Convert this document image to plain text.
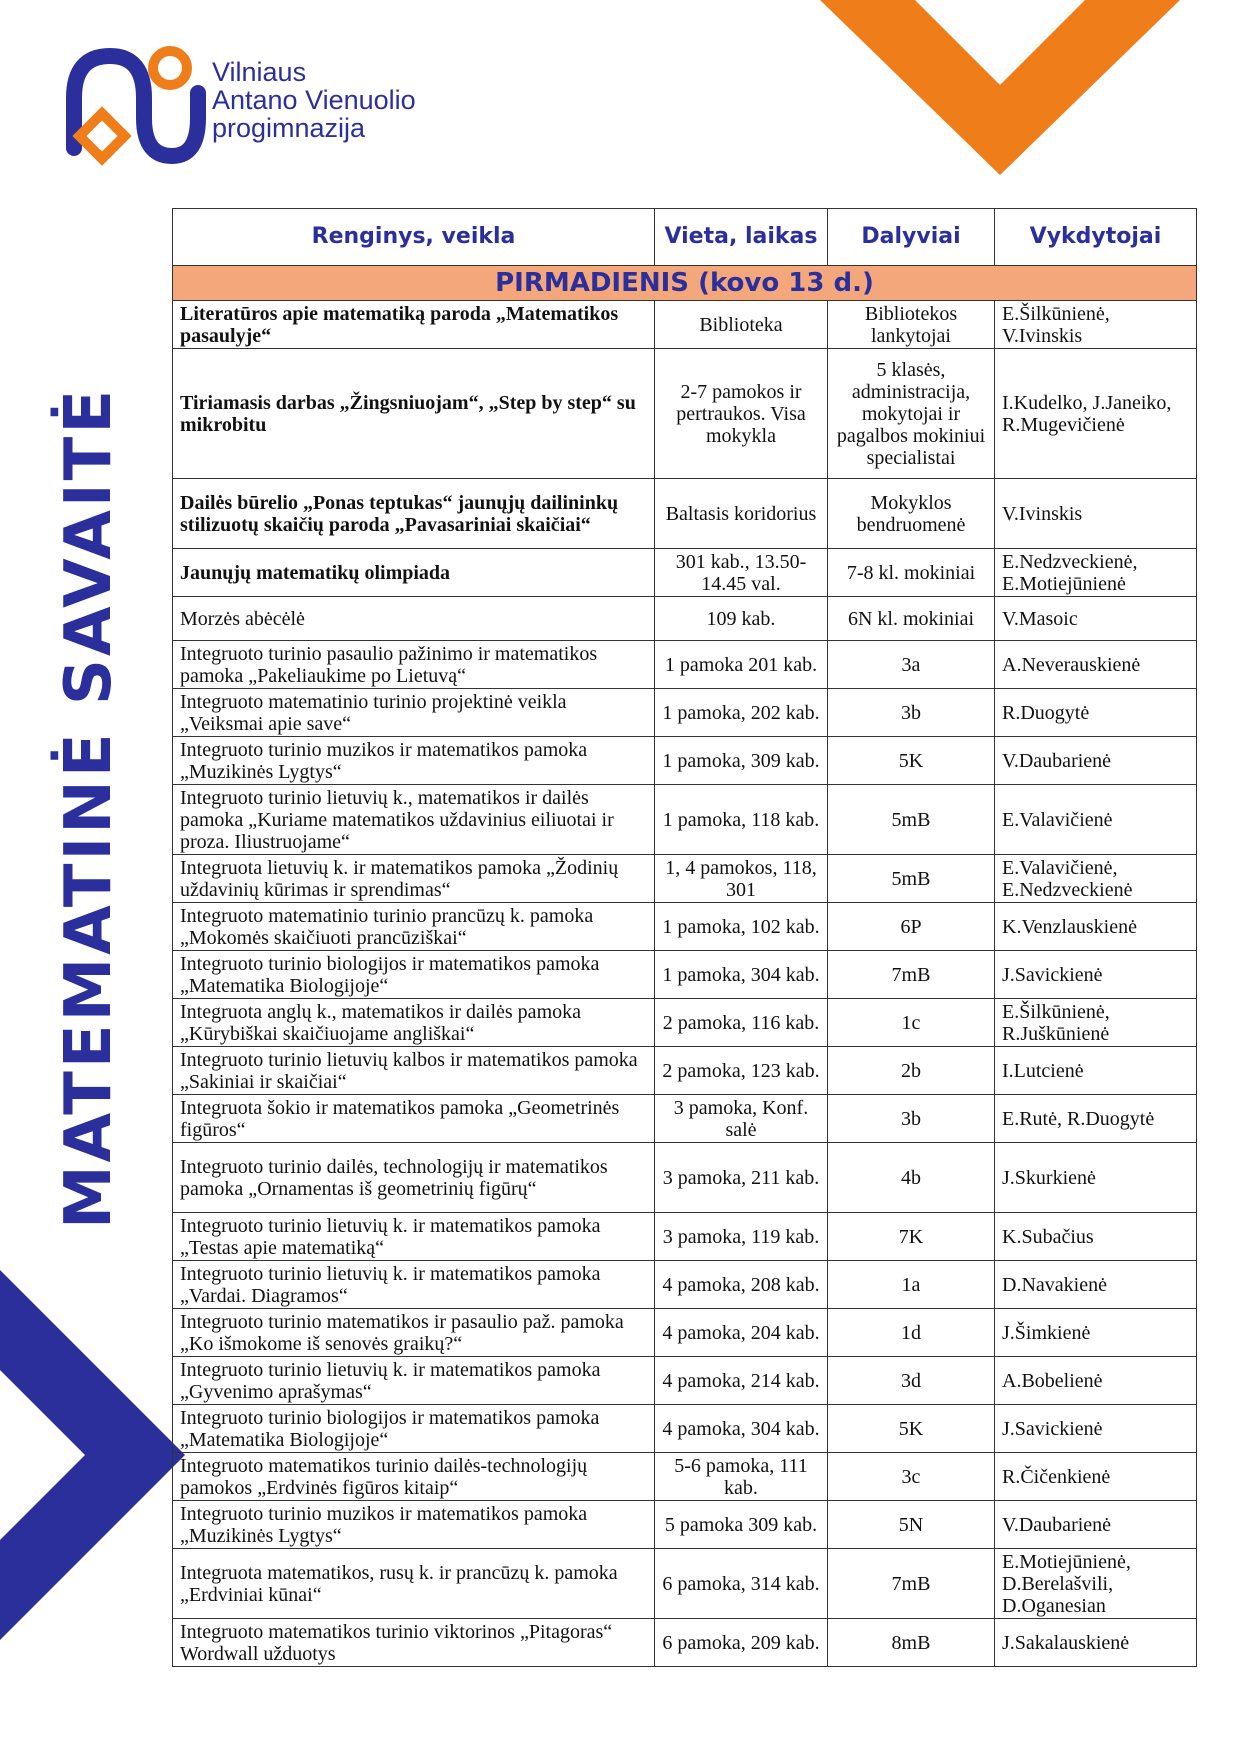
Vilniaus
Antano Vienuolio
progimnazija
MATEMATINĖ SAVAITĖ
Renginys, veikla	Vieta, laikas	Dalyviai	Vykdytojai
PIRMADIENIS (kovo 13 d.)			
Literatūros apie matematiką paroda „Matematikos pasaulyje“	Biblioteka	Bibliotekos lankytojai	E.Šilkūnienė, V.Ivinskis
Tiriamasis darbas „Žingsniuojam“, „Step by step“ su mikrobitu	2-7 pamokos ir pertraukos. Visa mokykla	5 klasės, administracija, mokytojai ir pagalbos mokiniui specialistai	I.Kudelko, J.Janeiko, R.Mugevičienė
Dailės būrelio „Ponas teptukas“ jaunųjų dailininkų stilizuotų skaičių paroda „Pavasariniai skaičiai“	Baltasis koridorius	Mokyklos bendruomenė	V.Ivinskis
Jaunųjų matematikų olimpiada	301 kab., 13.50-14.45 val.	7-8 kl. mokiniai	E.Nedzveckienė, E.Motiejūnienė
Morzės abėcėlė	109 kab.	6N kl. mokiniai	V.Masoic
Integruoto turinio pasaulio pažinimo ir matematikos pamoka „Pakeliaukime po Lietuvą“	1 pamoka 201 kab.	3a	A.Neverauskienė
Integruoto matematinio turinio projektinė veikla „Veiksmai apie save“	1 pamoka, 202 kab.	3b	R.Duogytė
Integruoto turinio muzikos ir matematikos pamoka „Muzikinės Lygtys“	1 pamoka, 309 kab.	5K	V.Daubarienė
Integruoto turinio lietuvių k., matematikos ir dailės pamoka „Kuriame matematikos uždavinius eiliuotai ir proza. Iliustruojame“	1 pamoka, 118 kab.	5mB	E.Valavičienė
Integruota lietuvių k. ir matematikos pamoka „Žodinių uždavinių kūrimas ir sprendimas“	1, 4 pamokos, 118, 301	5mB	E.Valavičienė, E.Nedzveckienė
Integruoto matematinio turinio prancūzų k. pamoka „Mokomės skaičiuoti prancūziškai“	1 pamoka, 102 kab.	6P	K.Venzlauskienė
Integruoto turinio biologijos ir matematikos pamoka „Matematika Biologijoje“	1 pamoka, 304 kab.	7mB	J.Savickienė
Integruota anglų k., matematikos ir dailės pamoka „Kūrybiškai skaičiuojame angliškai“	2 pamoka, 116 kab.	1c	E.Šilkūnienė, R.Juškūnienė
Integruoto turinio lietuvių kalbos ir matematikos pamoka „Sakiniai ir skaičiai“	2 pamoka, 123 kab.	2b	I.Lutcienė
Integruota šokio ir matematikos pamoka „Geometrinės figūros“	3 pamoka, Konf. salė	3b	E.Rutė, R.Duogytė
Integruoto turinio dailės, technologijų ir matematikos pamoka „Ornamentas iš geometrinių figūrų“	3 pamoka, 211 kab.	4b	J.Skurkienė
Integruoto turinio lietuvių k. ir matematikos pamoka „Testas apie matematiką“	3 pamoka, 119 kab.	7K	K.Subačius
Integruoto turinio lietuvių k. ir matematikos pamoka „Vardai. Diagramos“	4 pamoka, 208 kab.	1a	D.Navakienė
Integruoto turinio matematikos ir pasaulio paž. pamoka „Ko išmokome iš senovės graikų?“	4 pamoka, 204 kab.	1d	J.Šimkienė
Integruoto turinio lietuvių k. ir matematikos pamoka „Gyvenimo aprašymas“	4 pamoka, 214 kab.	3d	A.Bobelienė
Integruoto turinio biologijos ir matematikos pamoka „Matematika Biologijoje“	4 pamoka, 304 kab.	5K	J.Savickienė
Integruoto matematikos turinio dailės-technologijų pamokos „Erdvinės figūros kitaip“	5-6 pamoka, 111 kab.	3c	R.Čičenkienė
Integruoto turinio muzikos ir matematikos pamoka „Muzikinės Lygtys“	5 pamoka 309 kab.	5N	V.Daubarienė
Integruota matematikos, rusų k. ir prancūzų k. pamoka „Erdviniai kūnai“	6 pamoka, 314 kab.	7mB	E.Motiejūnienė, D.Berelašvili, D.Oganesian
Integruoto matematikos turinio viktorinos „Pitagoras“ Wordwall užduotys	6 pamoka, 209 kab.	8mB	J.Sakalauskienė
